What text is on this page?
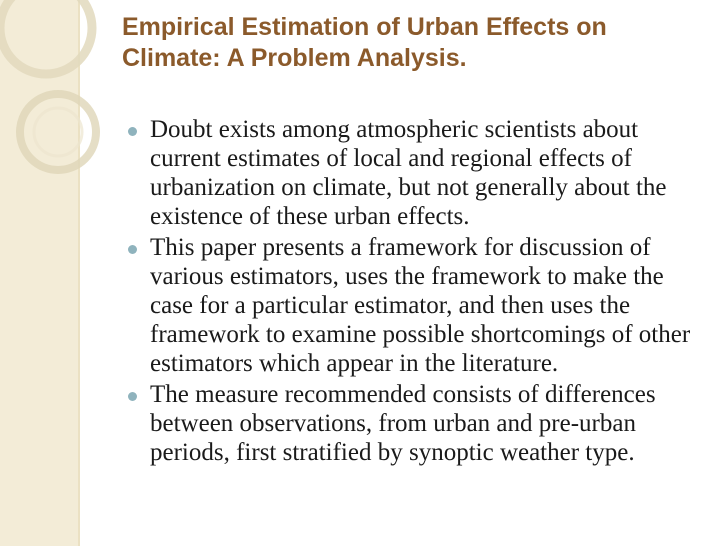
Empirical Estimation of Urban Effects on Climate: A Problem Analysis.
Doubt exists among atmospheric scientists about current estimates of local and regional effects of urbanization on climate, but not generally about the existence of these urban effects.
This paper presents a framework for discussion of various estimators, uses the framework to make the case for a particular estimator, and then uses the framework to examine possible shortcomings of other estimators which appear in the literature.
The measure recommended consists of differences between observations, from urban and pre-urban periods, first stratified by synoptic weather type.
